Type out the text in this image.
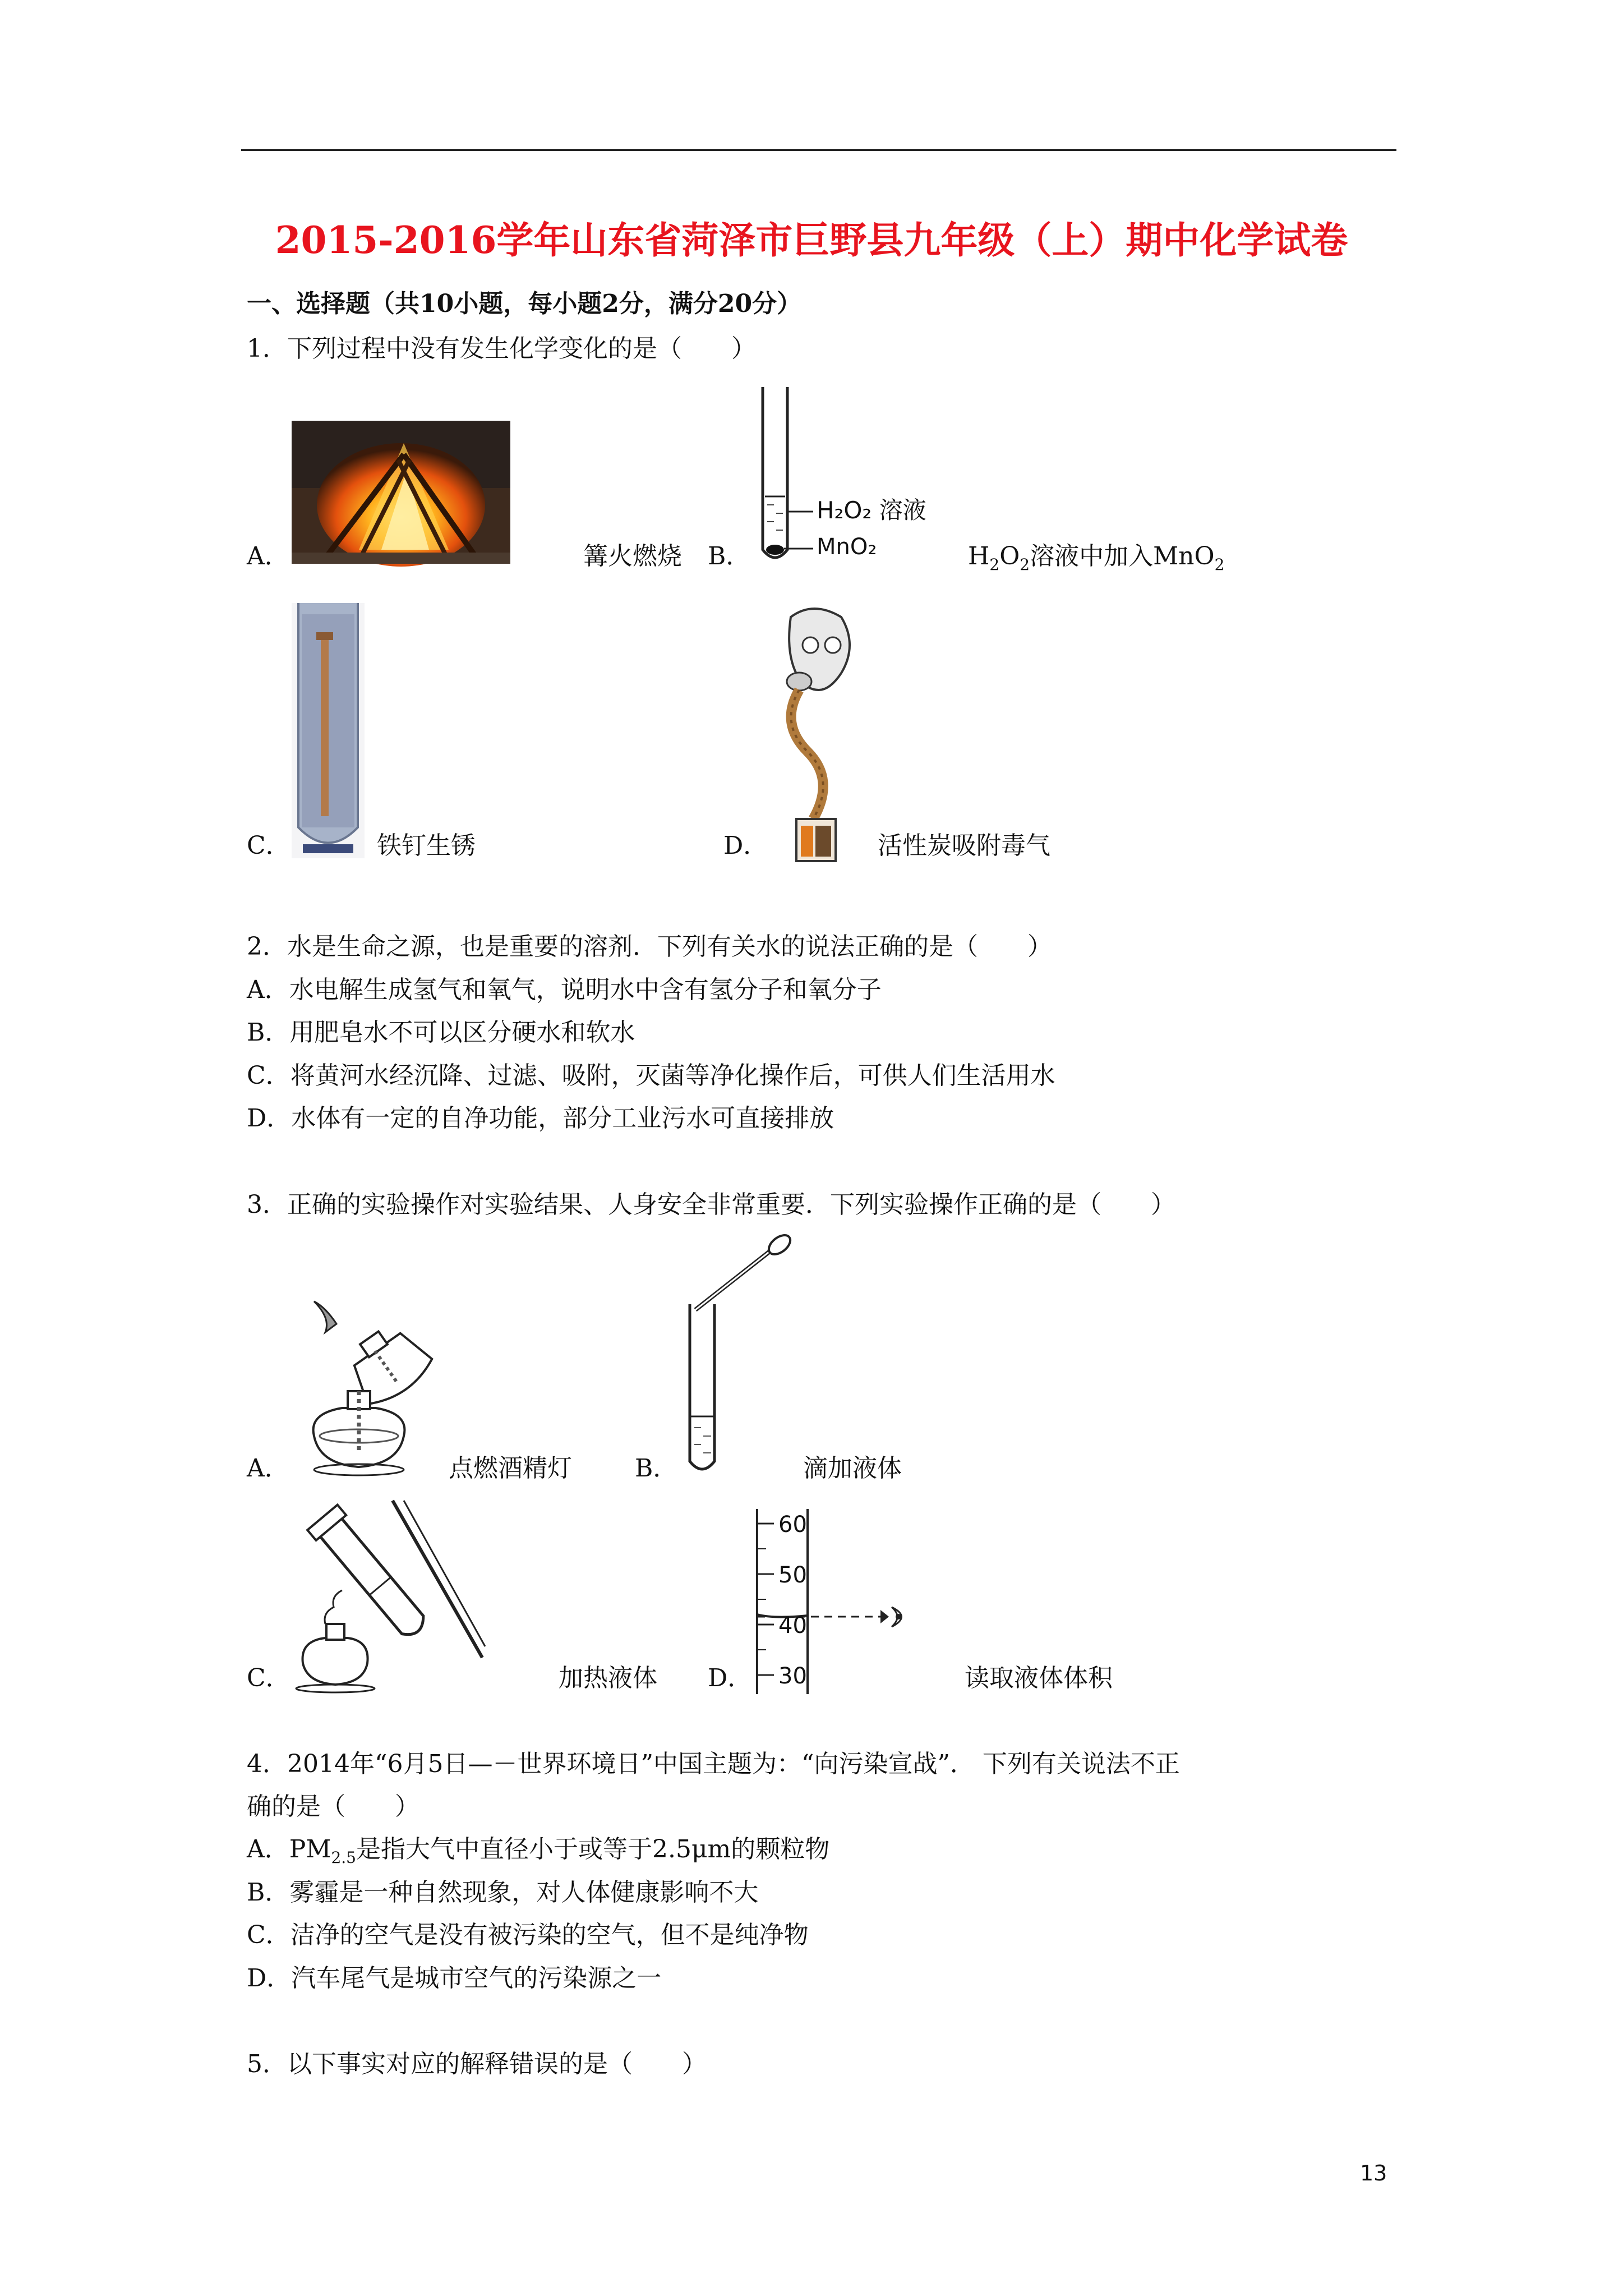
2015-2016学年山东省菏泽市巨野县九年级（上）期中化学试卷
一、选择题（共10小题，每小题2分，满分20分）
1．下列过程中没有发生化学变化的是（　　）
A．	篝火燃烧
H₂O₂ 溶液
MnO₂
B．	$H_2O_2$溶液中加入MnO$_2$
C．	铁钉生锈	D．	活性炭吸附毒气
2．水是生命之源，也是重要的溶剂．下列有关水的说法正确的是（　　）
A．水电解生成氢气和氧气，说明水中含有氢分子和氧分子
B．用肥皂水不可以区分硬水和软水
C．将黄河水经沉降、过滤、吸附，灭菌等净化操作后，可供人们生活用水
D．水体有一定的自净功能，部分工业污水可直接排放
3．正确的实验操作对实验结果、人身安全非常重要．下列实验操作正确的是（　　）
A．	点燃酒精灯	B．	滴加液体
C．	加热液体
60
50
40
30
D．	读取液体体积
4．2014年“6月5日—－世界环境日”中国主题为：“向污染宣战”． 下列有关说法不正
确的是（　　）
A．$PM_{2.5}$是指大气中直径小于或等于2.5μm的颗粒物
B．雾霾是一种自然现象，对人体健康影响不大
C．洁净的空气是没有被污染的空气，但不是纯净物
D．汽车尾气是城市空气的污染源之一
5．以下事实对应的解释错误的是（　　）
13
